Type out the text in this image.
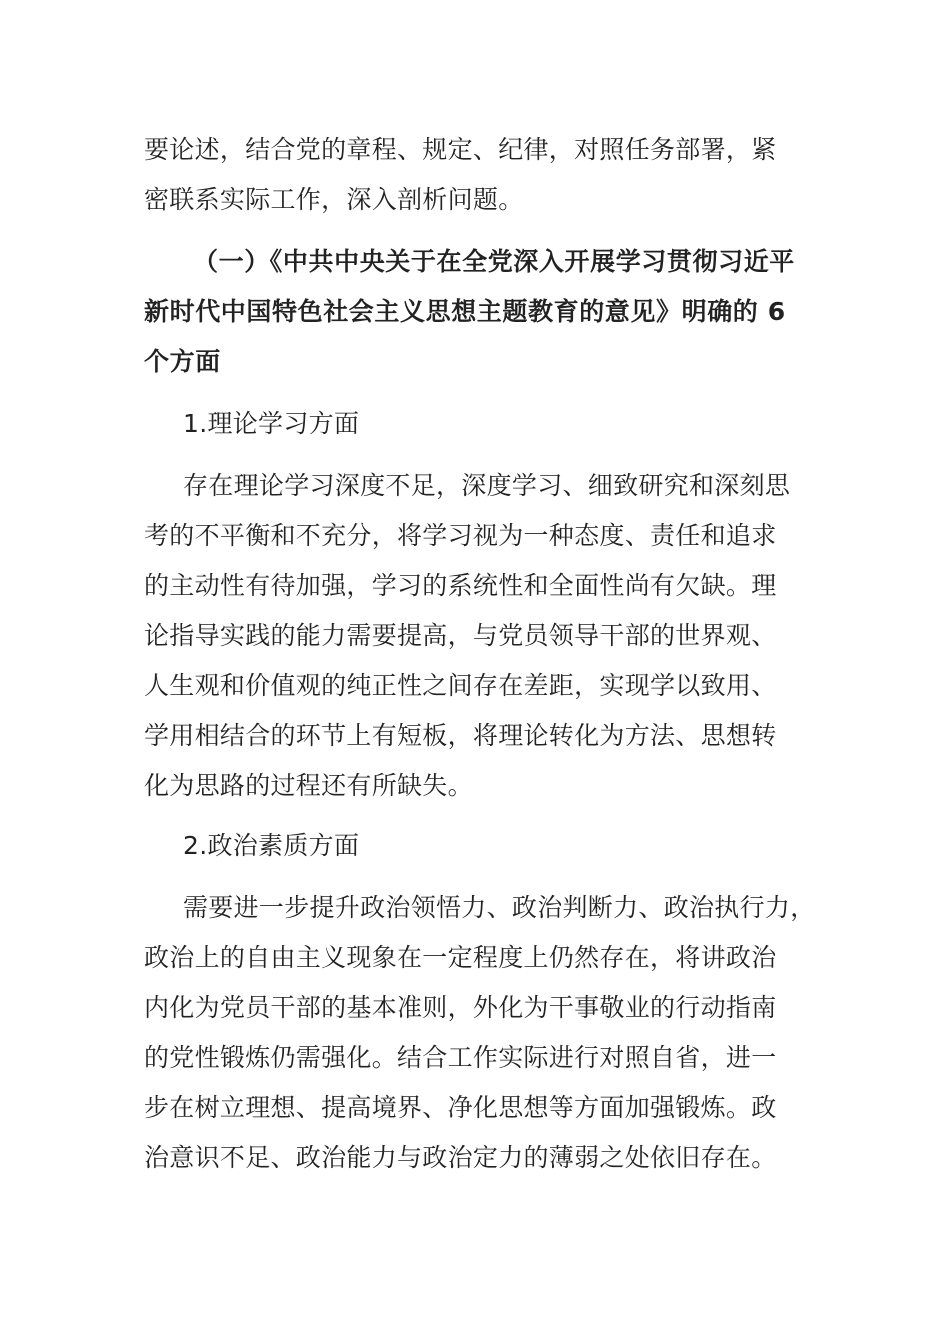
要论述，结合党的章程、规定、纪律，对照任务部署，紧
密联系实际工作，深入剖析问题。
（一）《中共中央关于在全党深入开展学习贯彻习近平
新时代中国特色社会主义思想主题教育的意见》明确的 6
个方面
1.理论学习方面
存在理论学习深度不足，深度学习、细致研究和深刻思
考的不平衡和不充分，将学习视为一种态度、责任和追求
的主动性有待加强，学习的系统性和全面性尚有欠缺。理
论指导实践的能力需要提高，与党员领导干部的世界观、
人生观和价值观的纯正性之间存在差距，实现学以致用、
学用相结合的环节上有短板，将理论转化为方法、思想转
化为思路的过程还有所缺失。
2.政治素质方面
需要进一步提升政治领悟力、政治判断力、政治执行力，
政治上的自由主义现象在一定程度上仍然存在，将讲政治
内化为党员干部的基本准则，外化为干事敬业的行动指南
的党性锻炼仍需强化。结合工作实际进行对照自省，进一
步在树立理想、提高境界、净化思想等方面加强锻炼。政
治意识不足、政治能力与政治定力的薄弱之处依旧存在。
